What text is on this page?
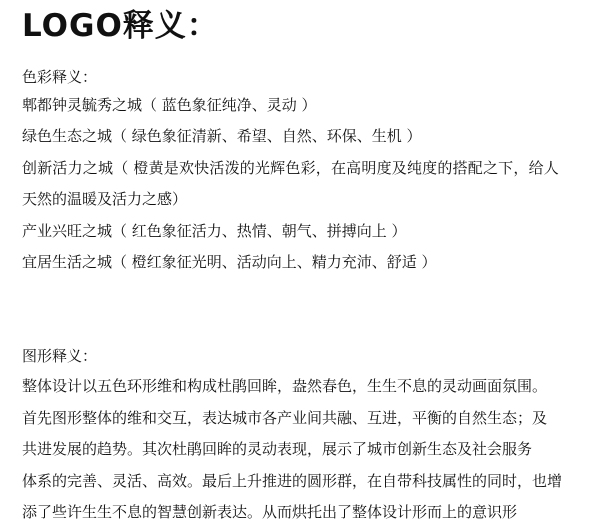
LOGO释义：
色彩释义：
郫都钟灵毓秀之城（ 蓝色象征纯净、灵动 ）
绿色生态之城（ 绿色象征清新、希望、自然、环保、生机 ）
创新活力之城（ 橙黄是欢快活泼的光辉色彩，在高明度及纯度的搭配之下，给人
天然的温暖及活力之感）
产业兴旺之城（ 红色象征活力、热情、朝气、拼搏向上 ）
宜居生活之城（ 橙红象征光明、活动向上、精力充沛、舒适 ）
图形释义：
整体设计以五色环形维和构成杜鹃回眸，盎然春色，生生不息的灵动画面氛围。
首先图形整体的维和交互，表达城市各产业间共融、互进，平衡的自然生态；及
共进发展的趋势。其次杜鹃回眸的灵动表现，展示了城市创新生态及社会服务
体系的完善、灵活、高效。最后上升推进的圆形群，在自带科技属性的同时，也增
添了些许生生不息的智慧创新表达。从而烘托出了整体设计形而上的意识形
